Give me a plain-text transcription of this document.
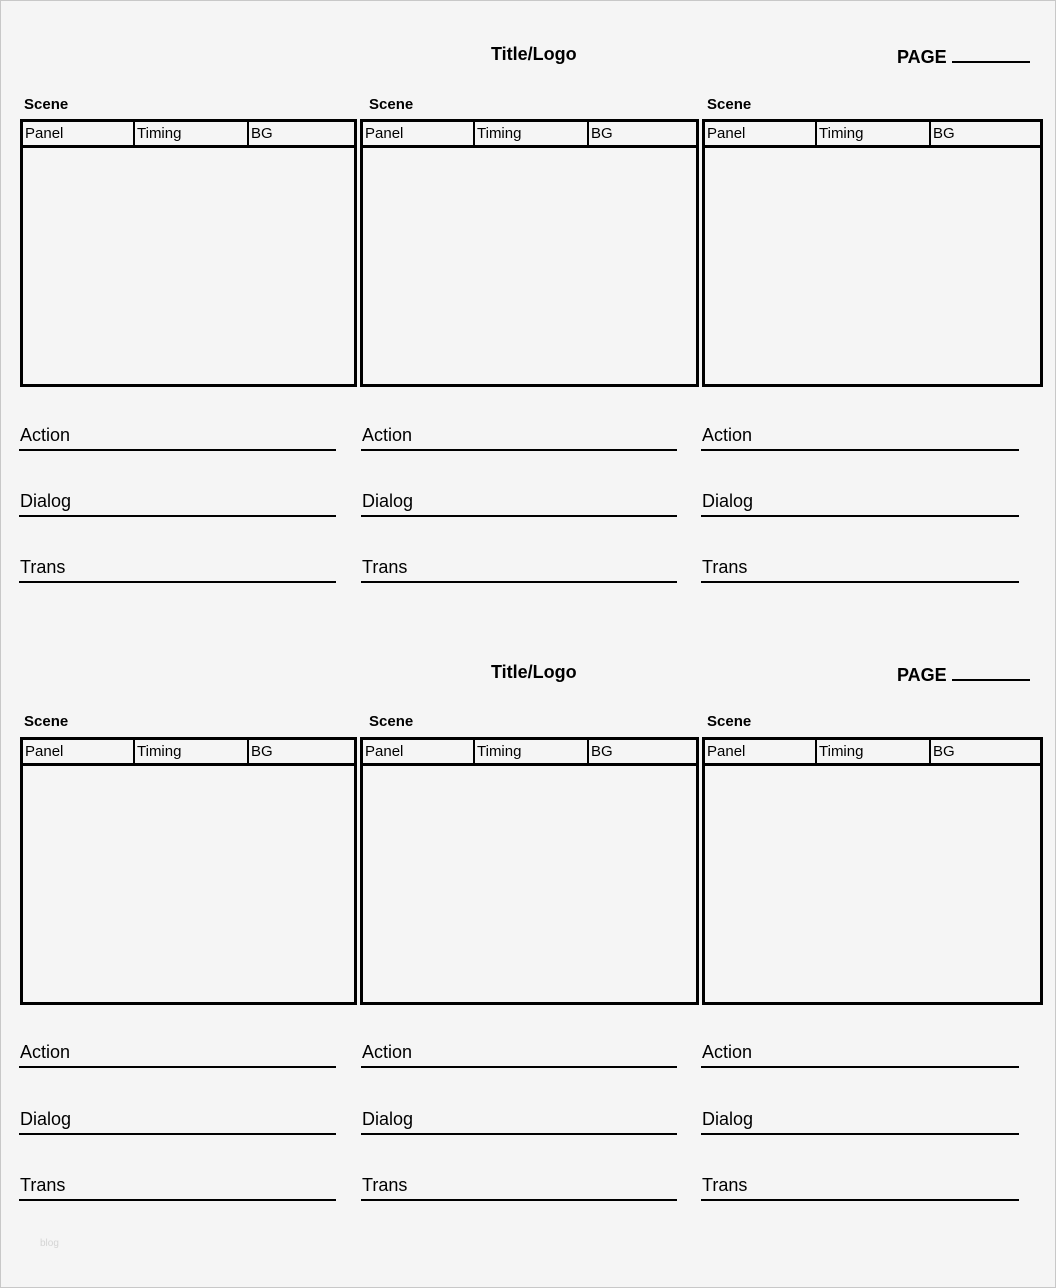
Title/Logo	PAGE
Scene
Panel	Timing	BG
Action
Dialog
Trans
Scene
Panel	Timing	BG
Action
Dialog
Trans
Scene
Panel	Timing	BG
Action
Dialog
Trans
Title/Logo	PAGE
Scene
Panel	Timing	BG
Action
Dialog
Trans
Scene
Panel	Timing	BG
Action
Dialog
Trans
Scene
Panel	Timing	BG
Action
Dialog
Trans
blog
